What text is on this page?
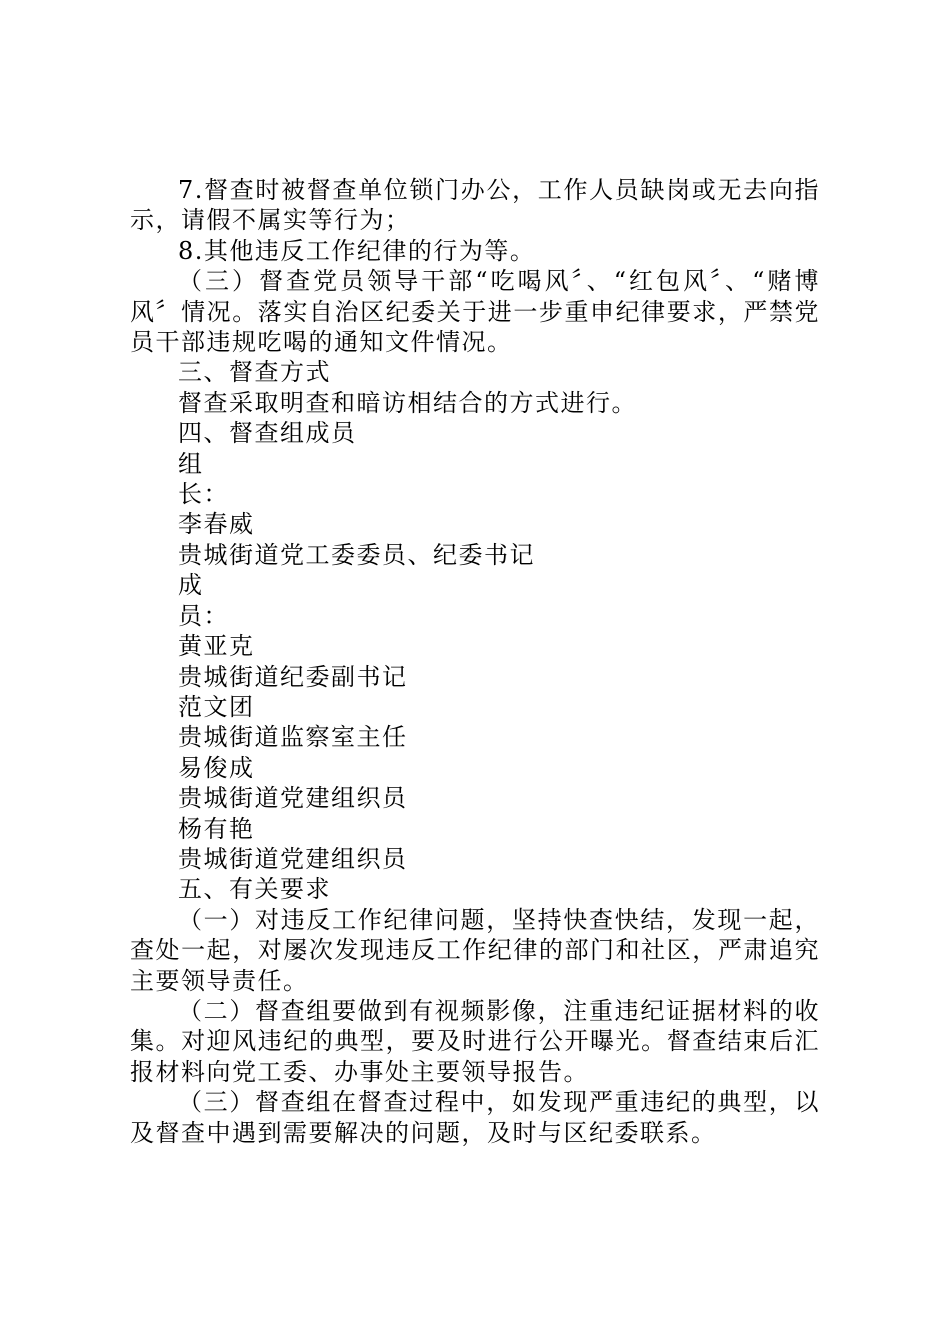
7.督查时被督查单位锁门办公，工作人员缺岗或无去向指示，请假不属实等行为；

8.其他违反工作纪律的行为等。

（三）督查党员领导干部“吃喝风〞、“红包风〞、“赌博风〞情况。落实自治区纪委关于进一步重申纪律要求，严禁党员干部违规吃喝的通知文件情况。

三、督查方式

督查采取明查和暗访相结合的方式进行。

四、督查组成员

组

长：

李春威

贵城街道党工委委员、纪委书记

成

员：

黄亚克

贵城街道纪委副书记

范文团

贵城街道监察室主任

易俊成

贵城街道党建组织员

杨有艳

贵城街道党建组织员

五、有关要求

（一）对违反工作纪律问题，坚持快查快结，发现一起，查处一起，对屡次发现违反工作纪律的部门和社区，严肃追究主要领导责任。

（二）督查组要做到有视频影像，注重违纪证据材料的收集。对迎风违纪的典型，要及时进行公开曝光。督查结束后汇报材料向党工委、办事处主要领导报告。

（三）督查组在督查过程中，如发现严重违纪的典型，以及督查中遇到需要解决的问题，及时与区纪委联系。
